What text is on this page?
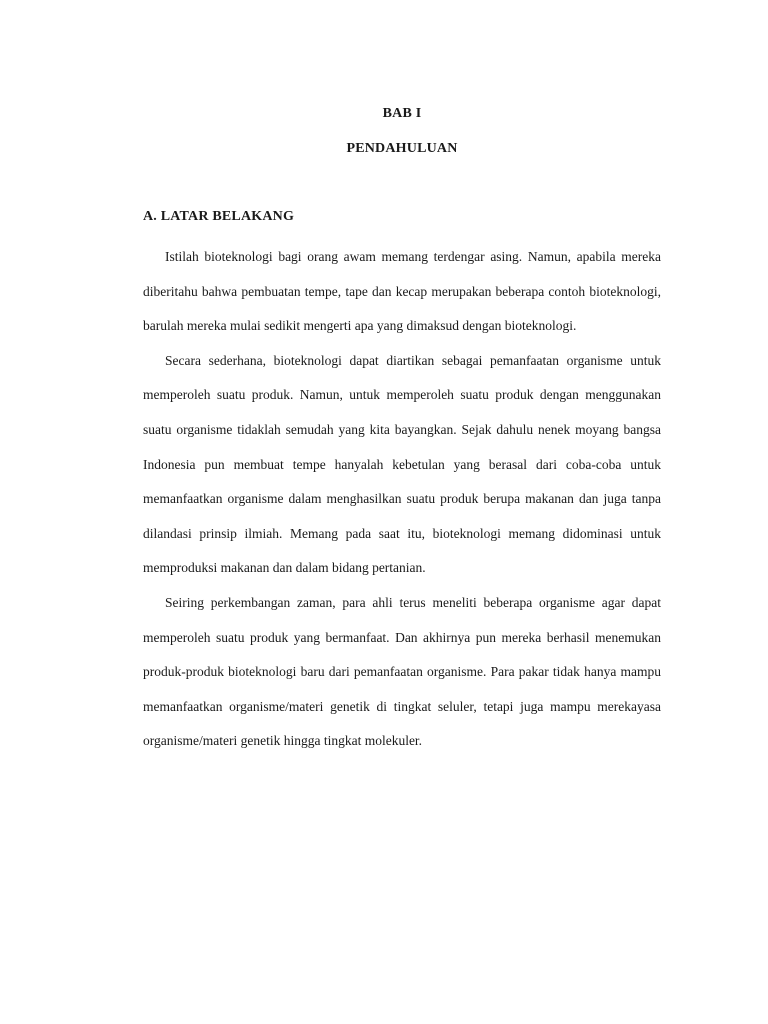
BAB I
PENDAHULUAN
A. LATAR BELAKANG

Istilah bioteknologi bagi orang awam memang terdengar asing. Namun, apabila mereka diberitahu bahwa pembuatan tempe, tape dan kecap merupakan beberapa contoh bioteknologi, barulah mereka mulai sedikit mengerti apa yang dimaksud dengan bioteknologi.

Secara sederhana, bioteknologi dapat diartikan sebagai pemanfaatan organisme untuk memperoleh suatu produk. Namun, untuk memperoleh suatu produk dengan menggunakan suatu organisme tidaklah semudah yang kita bayangkan. Sejak dahulu nenek moyang bangsa Indonesia pun membuat tempe hanyalah kebetulan yang berasal dari coba-coba untuk memanfaatkan organisme dalam menghasilkan suatu produk berupa makanan dan juga tanpa dilandasi prinsip ilmiah. Memang pada saat itu, bioteknologi memang didominasi untuk memproduksi makanan dan dalam bidang pertanian.

Seiring perkembangan zaman, para ahli terus meneliti beberapa organisme agar dapat memperoleh suatu produk yang bermanfaat. Dan akhirnya pun mereka berhasil menemukan produk-produk bioteknologi baru dari pemanfaatan organisme. Para pakar tidak hanya mampu memanfaatkan organisme/materi genetik di tingkat seluler, tetapi juga mampu merekayasa organisme/materi genetik hingga tingkat molekuler.
